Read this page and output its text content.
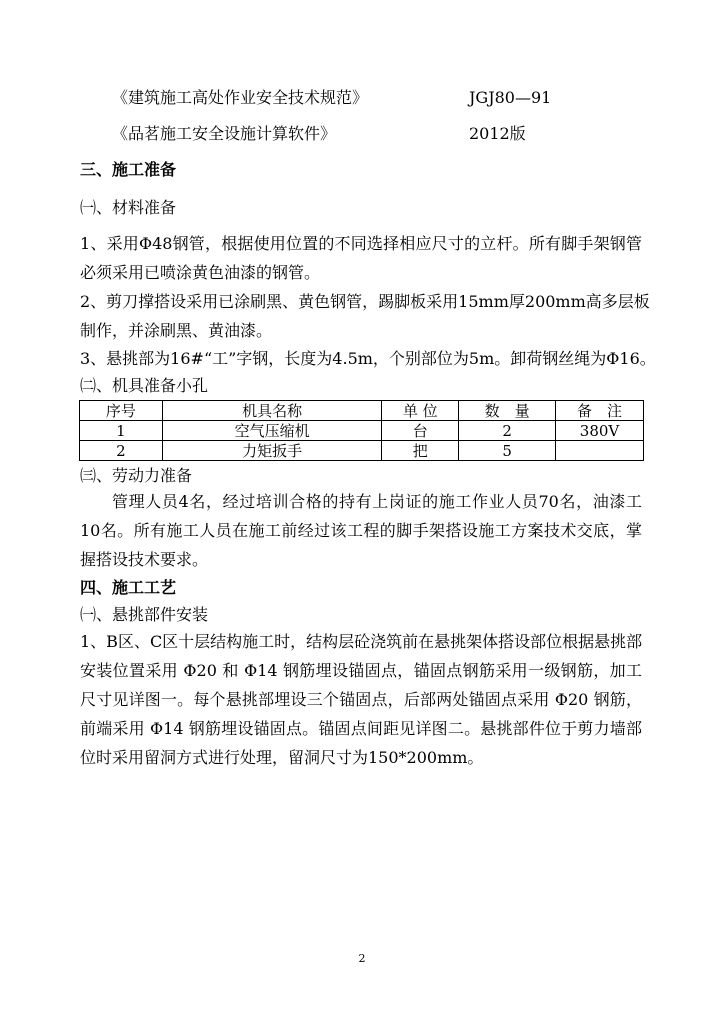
《建筑施工高处作业安全技术规范》	JGJ80—91
《品茗施工安全设施计算软件》	2012版
三、施工准备
㈠、材料准备
1、采用Φ48钢管，根据使用位置的不同选择相应尺寸的立杆。所有脚手架钢管
必须采用已喷涂黄色油漆的钢管。
2、剪刀撑搭设采用已涂刷黑、黄色钢管，踢脚板采用15mm厚200mm高多层板
制作，并涂刷黑、黄油漆。
3、悬挑部为16#“工”字钢，长度为4.5m，个别部位为5m。卸荷钢丝绳为Φ16。
㈡、机具准备小孔
序号	机具名称	单 位	数　量	备　注
1	空气压缩机	台	2	380V
2	力矩扳手	把	5	
㈢、劳动力准备
管理人员4名，经过培训合格的持有上岗证的施工作业人员70名，油漆工
10名。所有施工人员在施工前经过该工程的脚手架搭设施工方案技术交底，掌
握搭设技术要求。
四、施工工艺
㈠、悬挑部件安装
1、B区、C区十层结构施工时，结构层砼浇筑前在悬挑架体搭设部位根据悬挑部
安装位置采用 Φ20 和 Φ14 钢筋埋设锚固点，锚固点钢筋采用一级钢筋，加工
尺寸见详图一。每个悬挑部埋设三个锚固点，后部两处锚固点采用 Φ20 钢筋，
前端采用 Φ14 钢筋埋设锚固点。锚固点间距见详图二。悬挑部件位于剪力墙部
位时采用留洞方式进行处理，留洞尺寸为150*200mm。
2
